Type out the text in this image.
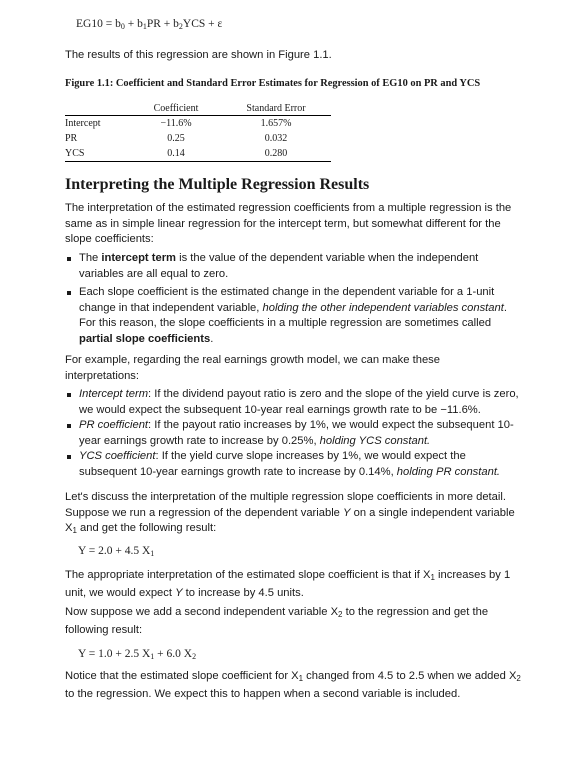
$EG10 = b_0 + b_1PR + b_2YCS + \varepsilon$
The results of this regression are shown in Figure 1.1.
Figure 1.1: Coefficient and Standard Error Estimates for Regression of EG10 on PR and YCS
	Coefficient	Standard Error
Intercept	−11.6%	1.657%
PR	0.25	0.032
YCS	0.14	0.280
Interpreting the Multiple Regression Results
The interpretation of the estimated regression coefficients from a multiple regression is the same as in simple linear regression for the intercept term, but somewhat different for the slope coefficients:
The intercept term is the value of the dependent variable when the independent variables are all equal to zero.
Each slope coefficient is the estimated change in the dependent variable for a 1-unit change in that independent variable, holding the other independent variables constant. For this reason, the slope coefficients in a multiple regression are sometimes called partial slope coefficients.
For example, regarding the real earnings growth model, we can make these interpretations:
Intercept term: If the dividend payout ratio is zero and the slope of the yield curve is zero, we would expect the subsequent 10-year real earnings growth rate to be −11.6%.
PR coefficient: If the payout ratio increases by 1%, we would expect the subsequent 10-year earnings growth rate to increase by 0.25%, holding YCS constant.
YCS coefficient: If the yield curve slope increases by 1%, we would expect the subsequent 10-year earnings growth rate to increase by 0.14%, holding PR constant.
Let's discuss the interpretation of the multiple regression slope coefficients in more detail. Suppose we run a regression of the dependent variable Y on a single independent variable $X_1$ and get the following result:
Y = 2.0 + 4.5 $X_1$
The appropriate interpretation of the estimated slope coefficient is that if $X_1$ increases by 1 unit, we would expect Y to increase by 4.5 units.
Now suppose we add a second independent variable $X_2$ to the regression and get the following result:
Y = 1.0 + 2.5 $X_1 + 6.0$ $X_2$
Notice that the estimated slope coefficient for $X_1$ changed from 4.5 to 2.5 when we added $X_2$ to the regression. We expect this to happen when a second variable is included.
